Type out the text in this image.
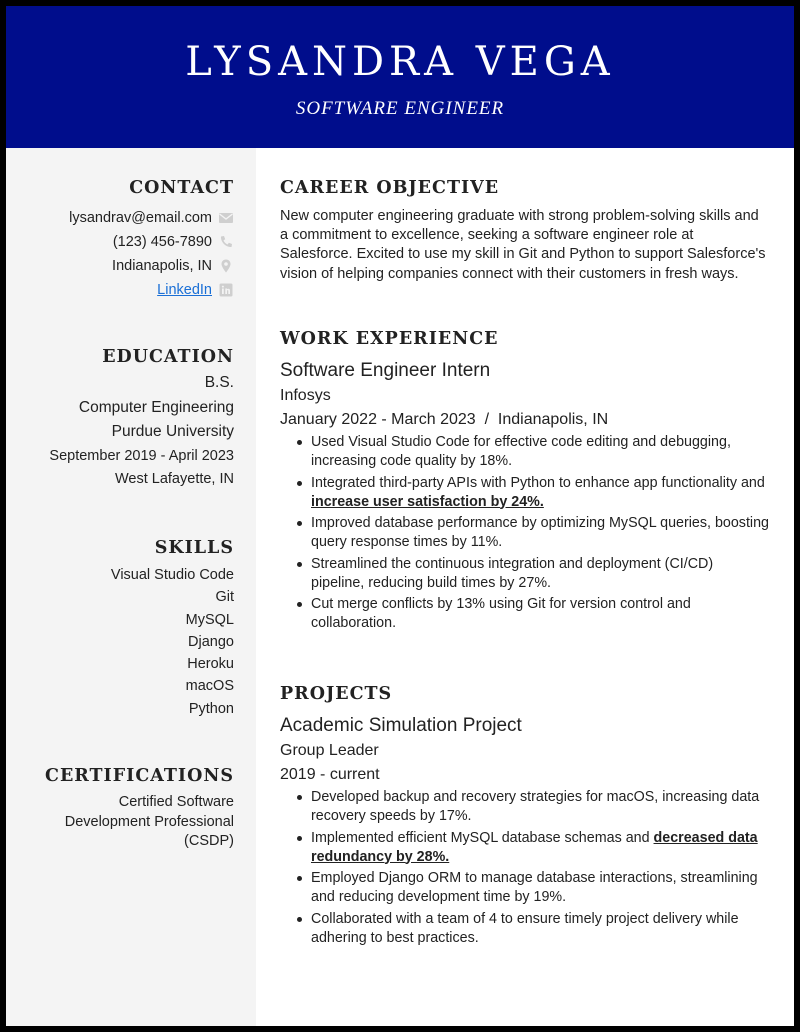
LYSANDRA VEGA
SOFTWARE ENGINEER
CONTACT
lysandrav@email.com
(123) 456-7890
Indianapolis, IN
LinkedIn
EDUCATION
B.S.
Computer Engineering
Purdue University
September 2019 - April 2023
West Lafayette, IN
SKILLS
Visual Studio Code
Git
MySQL
Django
Heroku
macOS
Python
CERTIFICATIONS
Certified Software
Development Professional
(CSDP)
CAREER OBJECTIVE
New computer engineering graduate with strong problem-solving skills and a commitment to excellence, seeking a software engineer role at Salesforce. Excited to use my skill in Git and Python to support Salesforce's vision of helping companies connect with their customers in fresh ways.
WORK EXPERIENCE
Software Engineer Intern
Infosys
January 2022 - March 2023  /  Indianapolis, IN
Used Visual Studio Code for effective code editing and debugging, increasing code quality by 18%.
Integrated third-party APIs with Python to enhance app functionality and increase user satisfaction by 24%.
Improved database performance by optimizing MySQL queries, boosting query response times by 11%.
Streamlined the continuous integration and deployment (CI/CD) pipeline, reducing build times by 27%.
Cut merge conflicts by 13% using Git for version control and collaboration.
PROJECTS
Academic Simulation Project
Group Leader
2019 - current
Developed backup and recovery strategies for macOS, increasing data recovery speeds by 17%.
Implemented efficient MySQL database schemas and decreased data redundancy by 28%.
Employed Django ORM to manage database interactions, streamlining and reducing development time by 19%.
Collaborated with a team of 4 to ensure timely project delivery while adhering to best practices.
